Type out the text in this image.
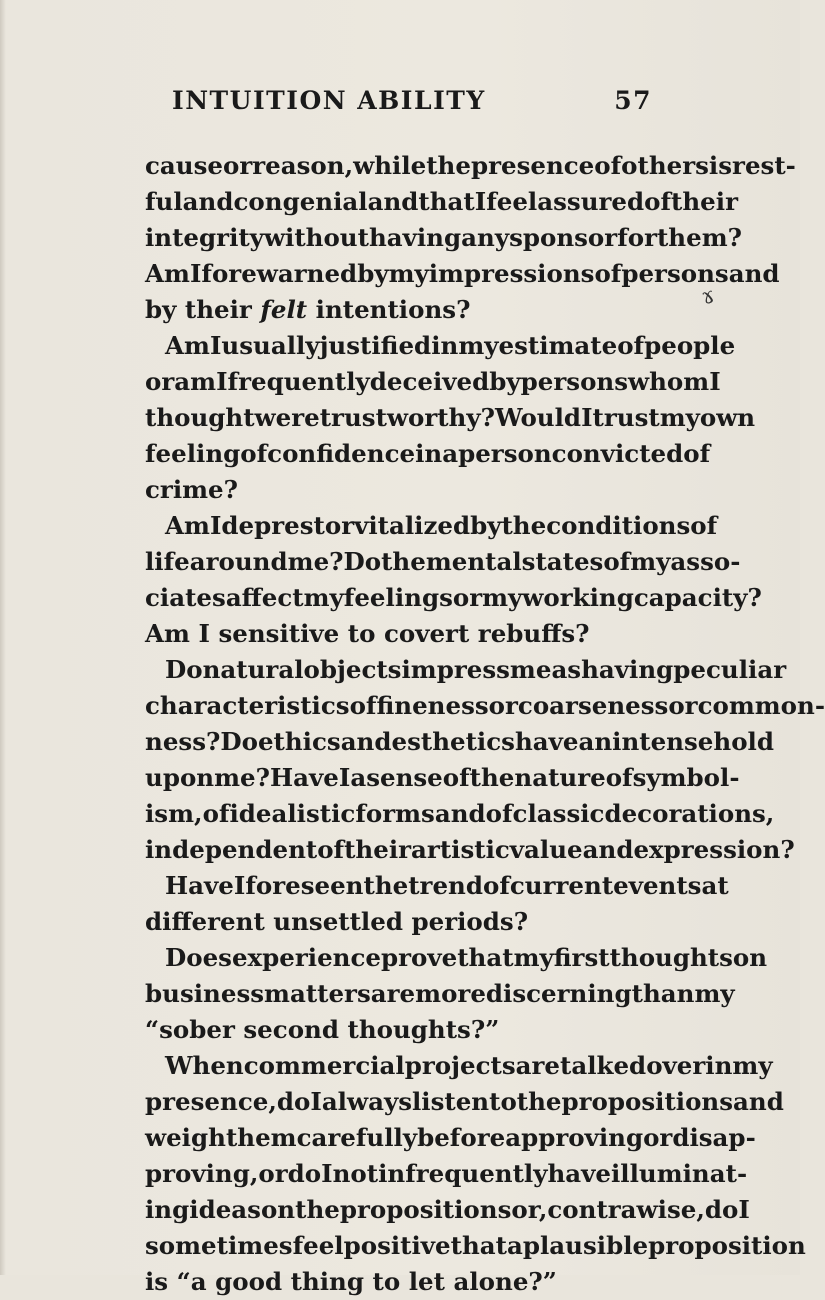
INTUITION ABILITY	57
ɤ
cause or reason, while the presence of others is rest-
ful and congenial and that I feel assured of their
integrity without having any sponsor for them?
Am I forewarned by my impressions of persons and
by their felt intentions?
Am I usually justified in my estimate of people
or am I frequently deceived by persons whom I
thought were trustworthy? Would I trust my own
feeling of confidence in a person convicted of
crime?
Am I deprest or vitalized by the conditions of
life around me? Do the mental states of my asso-
ciates affect my feelings or my working capacity?
Am I sensitive to covert rebuffs?
Do natural objects impress me as having peculiar
characteristics of fineness or coarseness or common-
ness? Do ethics and esthetics have an intense hold
upon me? Have I a sense of the nature of symbol-
ism, of idealistic forms and of classic decorations,
independent of their artistic value and expression?
Have I foreseen the trend of current events at
different unsettled periods?
Does experience prove that my first thoughts on
business matters are more discerning than my
“sober second thoughts?”
When commercial projects are talked over in my
presence, do I always listen to the propositions and
weigh them carefully before approving or disap-
proving, or do I not infrequently have illuminat-
ing ideas on the propositions or, contrawise, do I
sometimes feel positive that a plausible proposition
is “a good thing to let alone?”
